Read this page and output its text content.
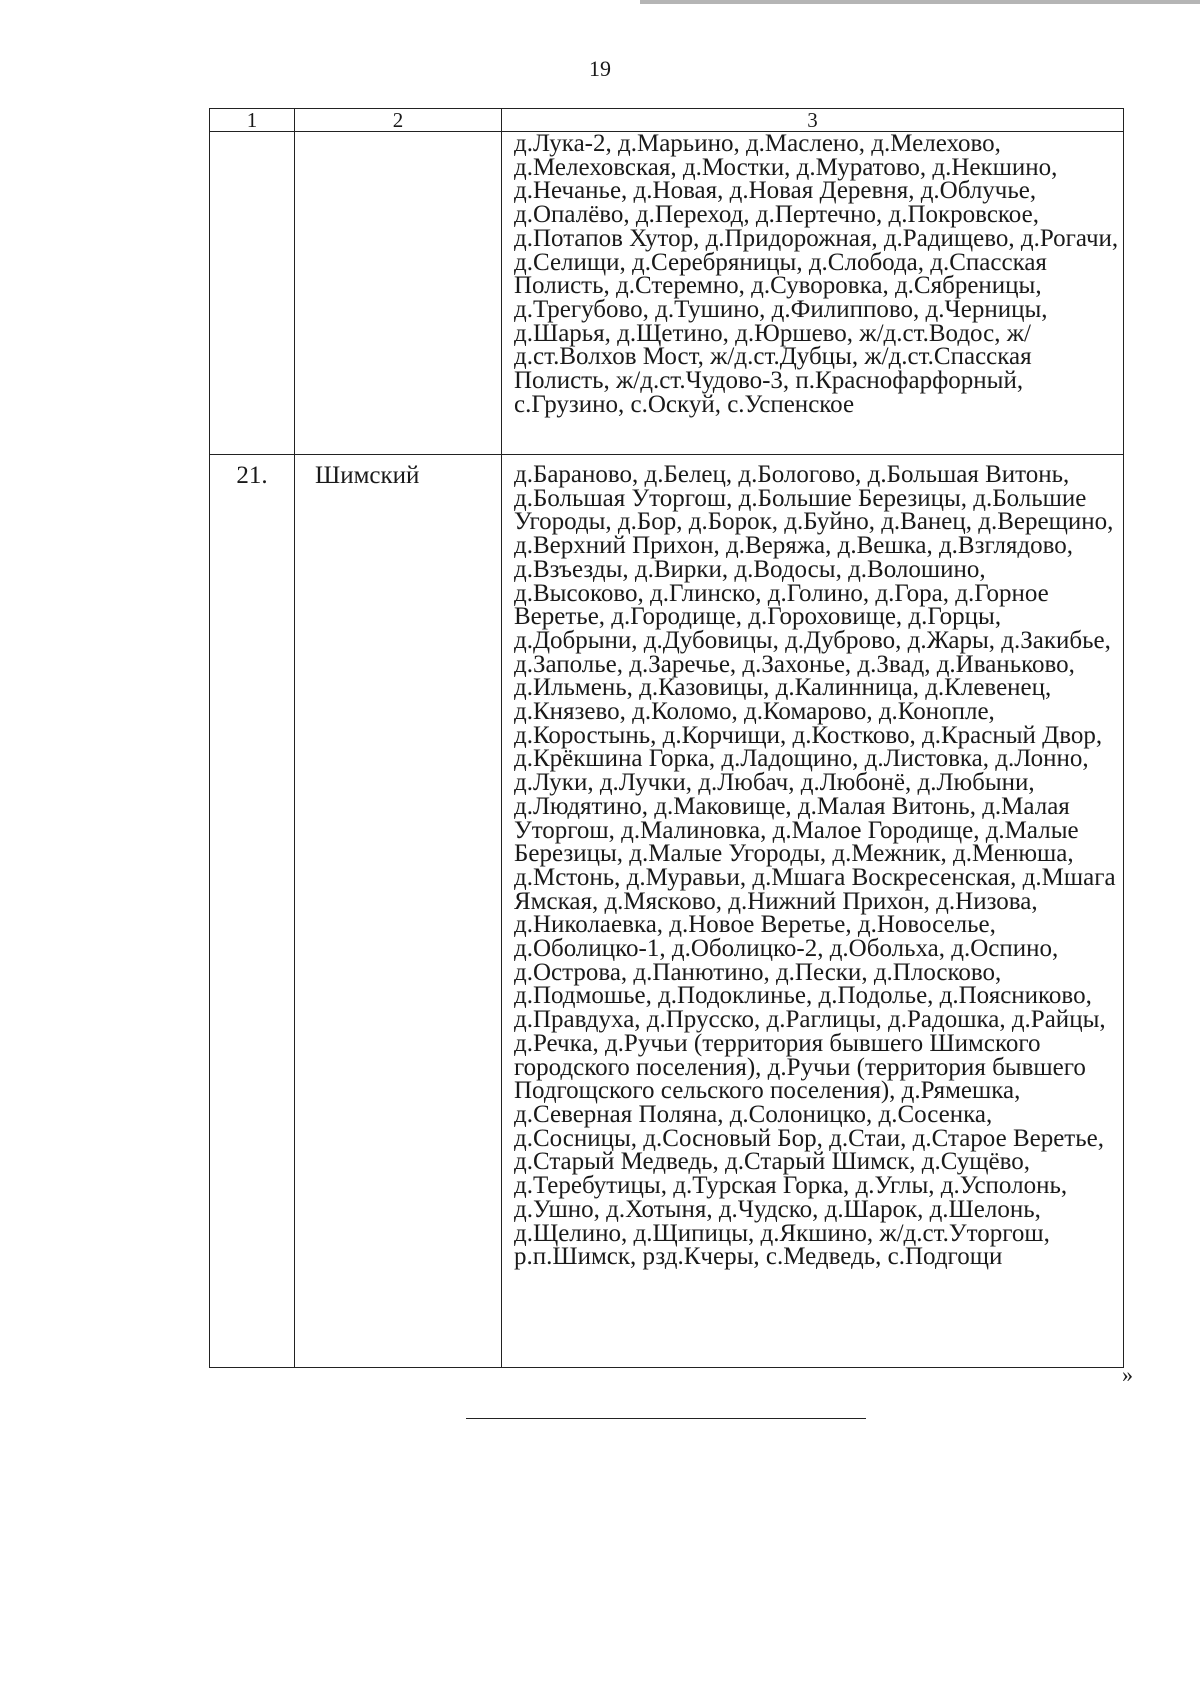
19
1	2	3
		д.Лука-2, д.Марьино, д.Маслено, д.Мелехово, д.Мелеховская, д.Мостки, д.Муратово, д.Некшино, д.Нечанье, д.Новая, д.Новая Деревня, д.Облучье, д.Опалёво, д.Переход, д.Пертечно, д.Покровское, д.Потапов Хутор, д.Придорожная, д.Радищево, д.Рогачи, д.Селищи, д.Серебряницы, д.Слобода, д.Спасская Полисть, д.Стеремно, д.Суворовка, д.Сябреницы, д.Трегубово, д.Тушино, д.Филиппово, д.Черницы, д.Шарья, д.Щетино, д.Юршево, ж/д.ст.Водос, ж/д.ст.Волхов Мост, ж/д.ст.Дубцы, ж/д.ст.Спасская Полисть, ж/д.ст.Чудово-3, п.Краснофарфорный, с.Грузино, с.Оскуй, с.Успенское
21.	Шимский	д.Бараново, д.Белец, д.Бологово, д.Большая Витонь, д.Большая Уторгош, д.Большие Березицы, д.Большие Угороды, д.Бор, д.Борок, д.Буйно, д.Ванец, д.Верещино, д.Верхний Прихон, д.Веряжа, д.Вешка, д.Взглядово, д.Взъезды, д.Вирки, д.Водосы, д.Волошино, д.Высоково, д.Глинско, д.Голино, д.Гора, д.Горное Веретье, д.Городище, д.Гороховище, д.Горцы, д.Добрыни, д.Дубовицы, д.Дуброво, д.Жары, д.Закибье, д.Заполье, д.Заречье, д.Захонье, д.Звад, д.Иваньково, д.Ильмень, д.Казовицы, д.Калинница, д.Клевенец, д.Князево, д.Коломо, д.Комарово, д.Конопле, д.Коростынь, д.Корчищи, д.Костково, д.Красный Двор, д.Крёкшина Горка, д.Ладощино, д.Листовка, д.Лонно, д.Луки, д.Лучки, д.Любач, д.Любонё, д.Любыни, д.Людятино, д.Маковище, д.Малая Витонь, д.Малая Уторгош, д.Малиновка, д.Малое Городище, д.Малые Березицы, д.Малые Угороды, д.Межник, д.Менюша, д.Мстонь, д.Муравьи, д.Мшага Воскресенская, д.Мшага Ямская, д.Мясково, д.Нижний Прихон, д.Низова, д.Николаевка, д.Новое Веретье, д.Новоселье, д.Оболицко-1, д.Оболицко-2, д.Обольха, д.Оспино, д.Острова, д.Панютино, д.Пески, д.Плосково, д.Подмошье, д.Подоклинье, д.Подолье, д.Поясниково, д.Правдуха, д.Прусско, д.Раглицы, д.Радошка, д.Райцы, д.Речка, д.Ручьи (территория бывшего Шимского городского поселения), д.Ручьи (территория бывшего Подгощского сельского поселения), д.Рямешка, д.Северная Поляна, д.Солоницко, д.Сосенка, д.Сосницы, д.Сосновый Бор, д.Стаи, д.Старое Веретье, д.Старый Медведь, д.Старый Шимск, д.Сущёво, д.Теребутицы, д.Турская Горка, д.Углы, д.Усполонь, д.Ушно, д.Хотыня, д.Чудско, д.Шарок, д.Шелонь, д.Щелино, д.Щипицы, д.Якшино, ж/д.ст.Уторгош, р.п.Шимск, рзд.Кчеры, с.Медведь, с.Подгощи
»
